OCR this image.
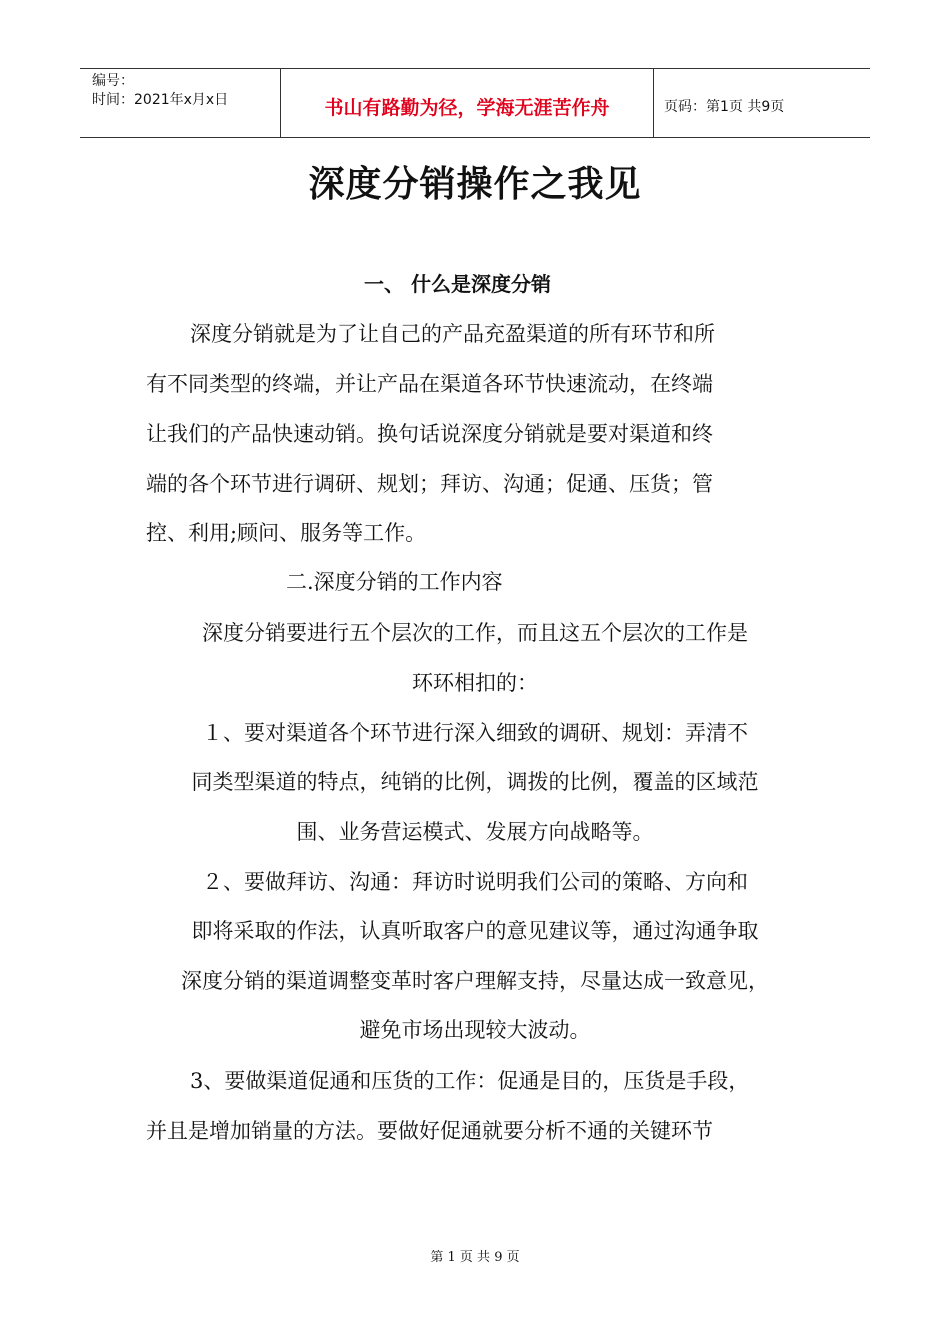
编号：
时间：2021年x月x日	书山有路勤为径，学海无涯苦作舟	页码：第1页 共9页
深度分销操作之我见
一、 什么是深度分销
深度分销就是为了让自己的产品充盈渠道的所有环节和所
有不同类型的终端，并让产品在渠道各环节快速流动，在终端
让我们的产品快速动销。换句话说深度分销就是要对渠道和终
端的各个环节进行调研、规划；拜访、沟通；促通、压货；管
控、利用;顾问、服务等工作。
二.深度分销的工作内容
深度分销要进行五个层次的工作，而且这五个层次的工作是
环环相扣的：
１、要对渠道各个环节进行深入细致的调研、规划：弄清不
同类型渠道的特点，纯销的比例，调拨的比例，覆盖的区域范
围、业务营运模式、发展方向战略等。
２、要做拜访、沟通：拜访时说明我们公司的策略、方向和
即将采取的作法，认真听取客户的意见建议等，通过沟通争取
深度分销的渠道调整变革时客户理解支持，尽量达成一致意见，
避免市场出现较大波动。
3、要做渠道促通和压货的工作：促通是目的，压货是手段，
并且是增加销量的方法。要做好促通就要分析不通的关键环节
第 1 页 共 9 页
